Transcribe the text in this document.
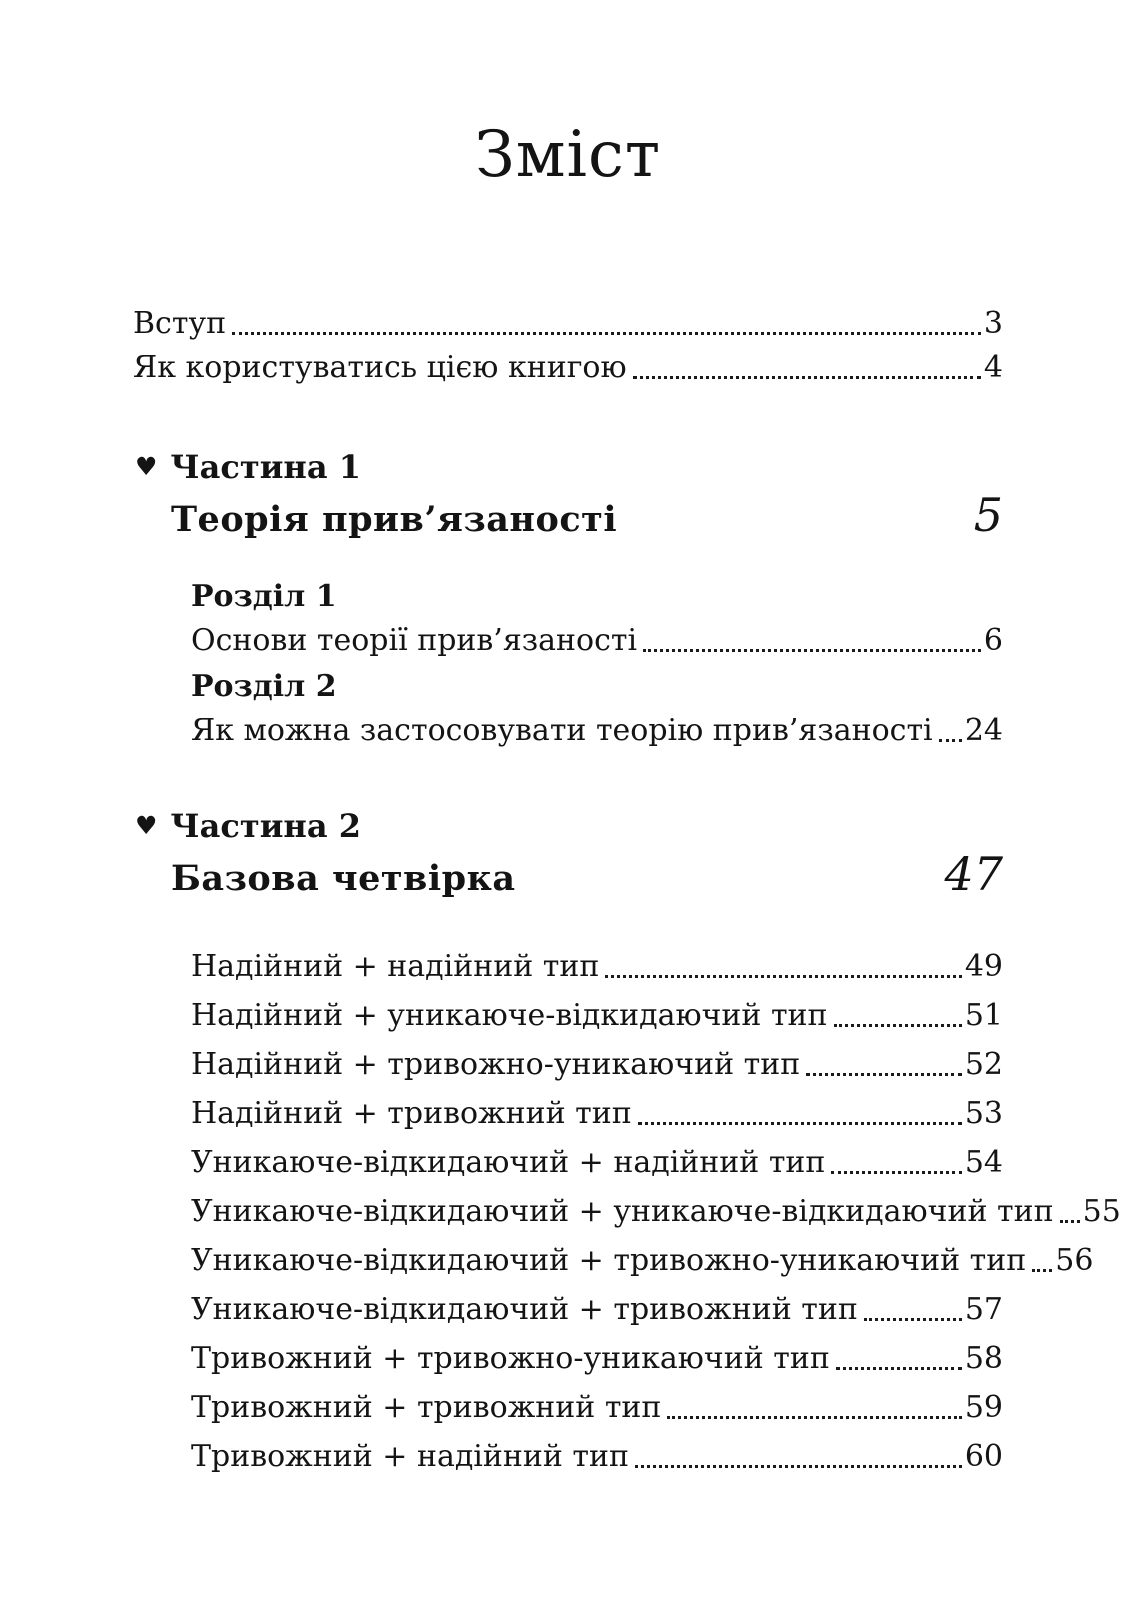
Зміст
Вступ	3
Як користуватись цією книгою	4
♥ Частина 1
Теорія прив’язаності	5
Розділ 1
Основи теорії прив’язаності	6
Розділ 2
Як можна застосовувати теорію прив’язаності 24
♥ Частина 2
Базова четвірка	47
Надійний + надійний тип	49
Надійний + уникаюче-відкидаючий тип	51
Надійний + тривожно-уникаючий тип	52
Надійний + тривожний тип	53
Уникаюче-відкидаючий + надійний тип	54
Уникаюче-відкидаючий + уникаюче-відкидаючий тип 55
Уникаюче-відкидаючий + тривожно-уникаючий тип 56
Уникаюче-відкидаючий + тривожний тип	57
Тривожний + тривожно-уникаючий тип	58
Тривожний + тривожний тип	59
Тривожний + надійний тип	60
